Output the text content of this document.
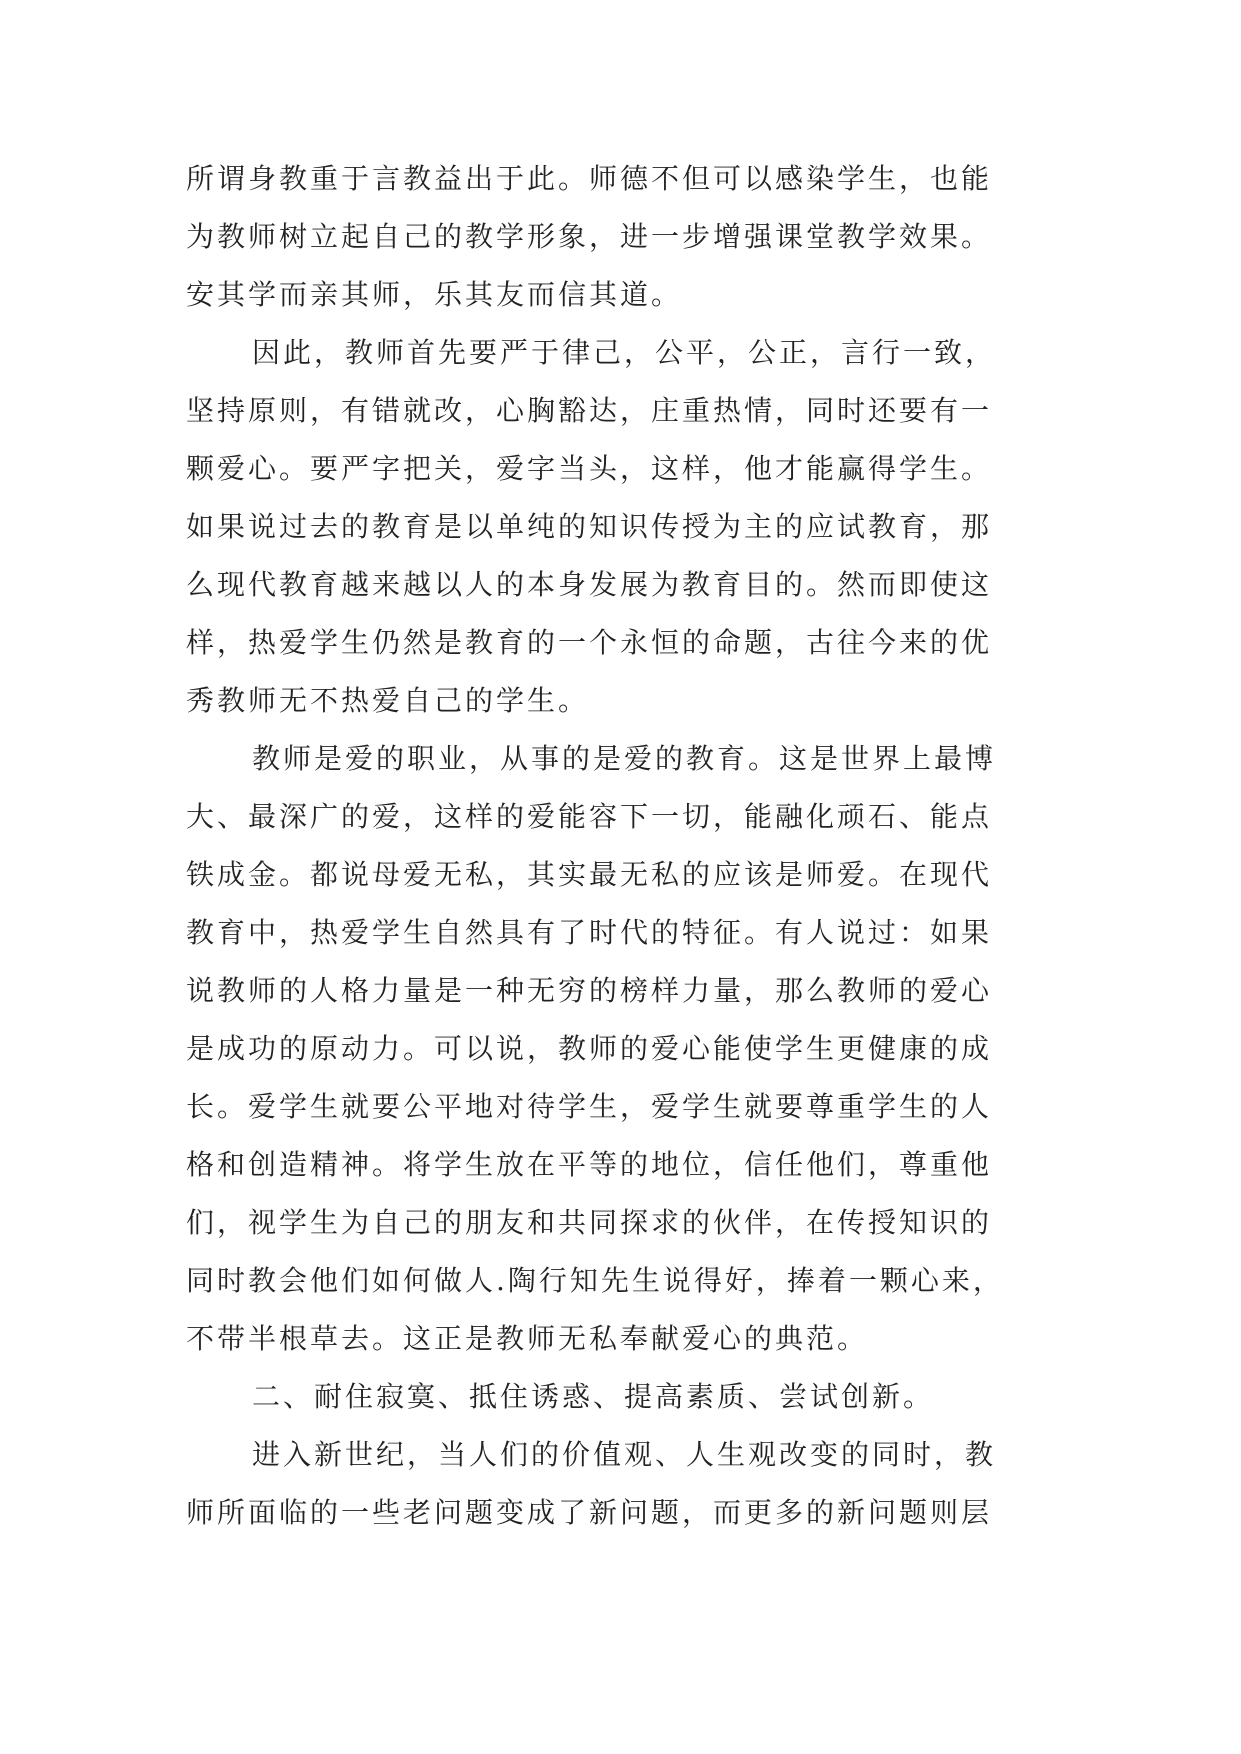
所谓身教重于言教益出于此。师德不但可以感染学生，也能
为教师树立起自己的教学形象，进一步增强课堂教学效果。
安其学而亲其师，乐其友而信其道。
因此，教师首先要严于律己，公平，公正，言行一致，
坚持原则，有错就改，心胸豁达，庄重热情，同时还要有一
颗爱心。要严字把关，爱字当头，这样，他才能赢得学生。
如果说过去的教育是以单纯的知识传授为主的应试教育，那
么现代教育越来越以人的本身发展为教育目的。然而即使这
样，热爱学生仍然是教育的一个永恒的命题，古往今来的优
秀教师无不热爱自己的学生。
教师是爱的职业，从事的是爱的教育。这是世界上最博
大、最深广的爱，这样的爱能容下一切，能融化顽石、能点
铁成金。都说母爱无私，其实最无私的应该是师爱。在现代
教育中，热爱学生自然具有了时代的特征。有人说过：如果
说教师的人格力量是一种无穷的榜样力量，那么教师的爱心
是成功的原动力。可以说，教师的爱心能使学生更健康的成
长。爱学生就要公平地对待学生，爱学生就要尊重学生的人
格和创造精神。将学生放在平等的地位，信任他们，尊重他
们，视学生为自己的朋友和共同探求的伙伴，在传授知识的
同时教会他们如何做人.陶行知先生说得好，捧着一颗心来，
不带半根草去。这正是教师无私奉献爱心的典范。
二、耐住寂寞、抵住诱惑、提高素质、尝试创新。
进入新世纪，当人们的价值观、人生观改变的同时，教
师所面临的一些老问题变成了新问题，而更多的新问题则层
